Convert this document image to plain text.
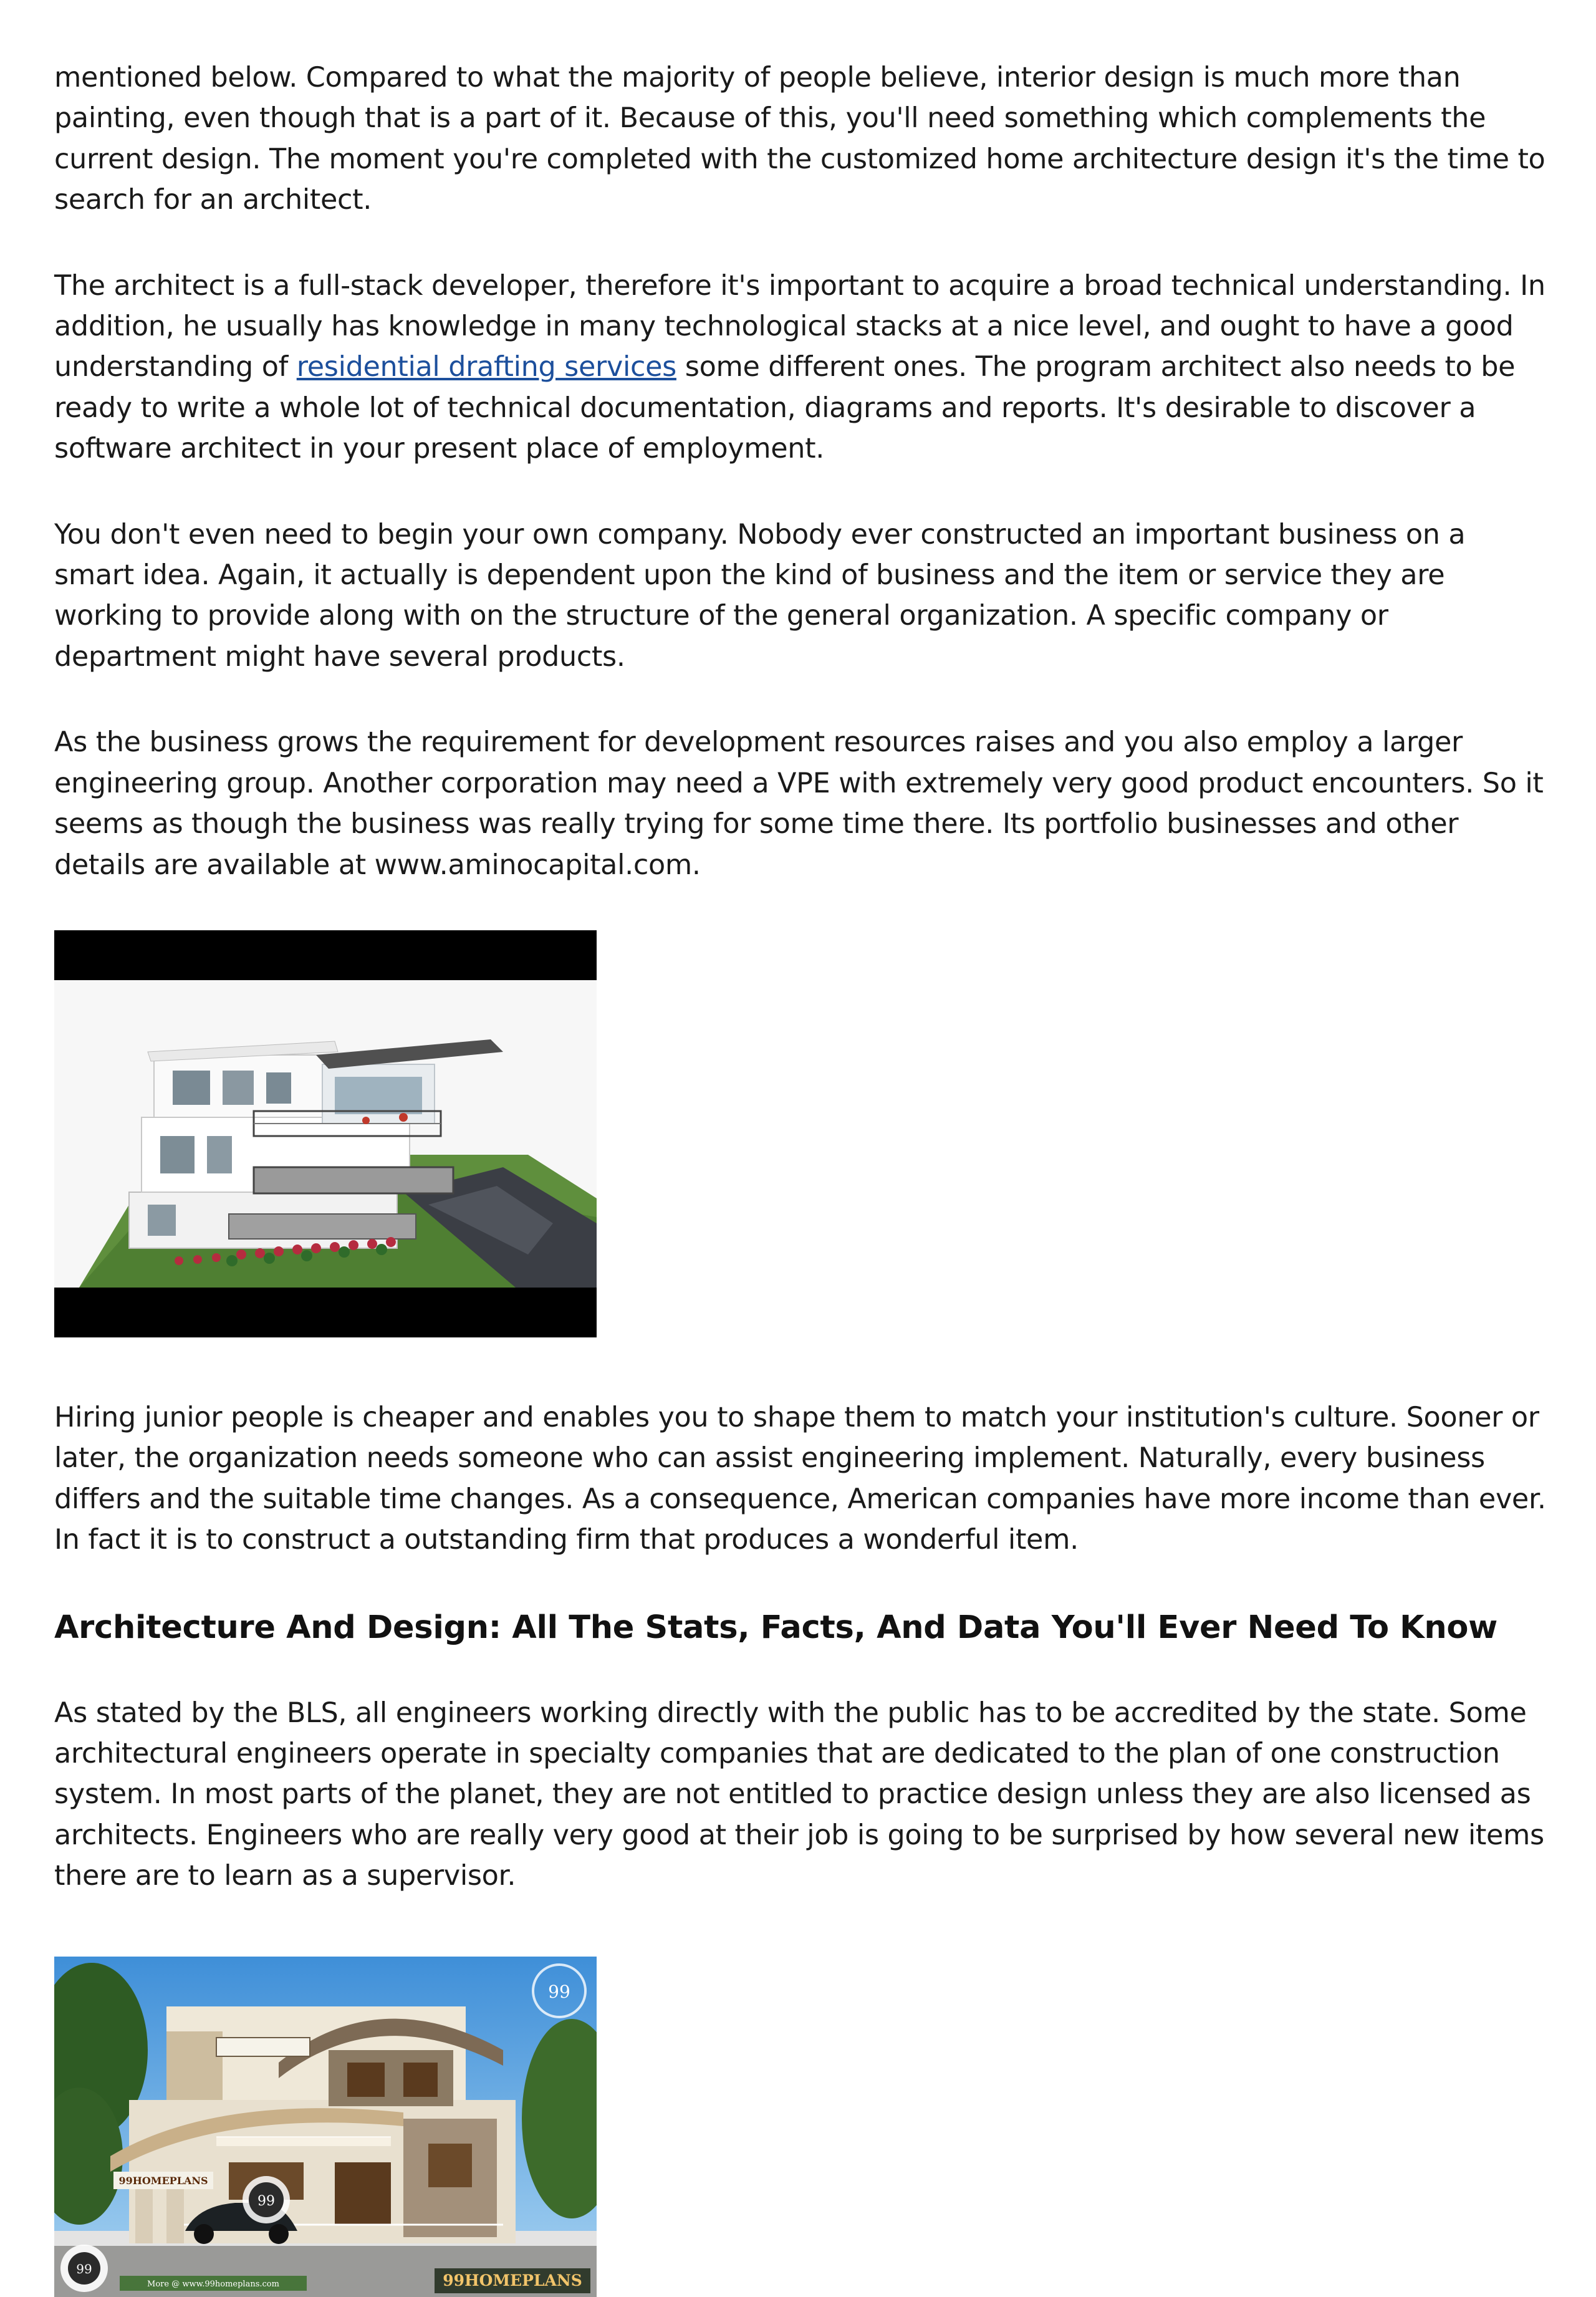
mentioned below. Compared to what the majority of people believe, interior design is much more than painting, even though that is a part of it. Because of this, you'll need something which complements the current design. The moment you're completed with the customized home architecture design it's the time to search for an architect.

The architect is a full-stack developer, therefore it's important to acquire a broad technical understanding. In addition, he usually has knowledge in many technological stacks at a nice level, and ought to have a good understanding of residential drafting services some different ones. The program architect also needs to be ready to write a whole lot of technical documentation, diagrams and reports. It's desirable to discover a software architect in your present place of employment.

You don't even need to begin your own company. Nobody ever constructed an important business on a smart idea. Again, it actually is dependent upon the kind of business and the item or service they are working to provide along with on the structure of the general organization. A specific company or department might have several products.

As the business grows the requirement for development resources raises and you also employ a larger engineering group. Another corporation may need a VPE with extremely very good product encounters. So it seems as though the business was really trying for some time there. Its portfolio businesses and other details are available at www.aminocapital.com.

Hiring junior people is cheaper and enables you to shape them to match your institution's culture. Sooner or later, the organization needs someone who can assist engineering implement. Naturally, every business differs and the suitable time changes. As a consequence, American companies have more income than ever. In fact it is to construct a outstanding firm that produces a wonderful item.

Architecture And Design: All The Stats, Facts, And Data You'll Ever Need To Know

As stated by the BLS, all engineers working directly with the public has to be accredited by the state. Some architectural engineers operate in specialty companies that are dedicated to the plan of one construction system. In most parts of the planet, they are not entitled to practice design unless they are also licensed as architects. Engineers who are really very good at their job is going to be surprised by how several new items there are to learn as a supervisor.

99
99
99
99HOMEPLANS
More @ www.99homeplans.com	99HOMEPLANS
